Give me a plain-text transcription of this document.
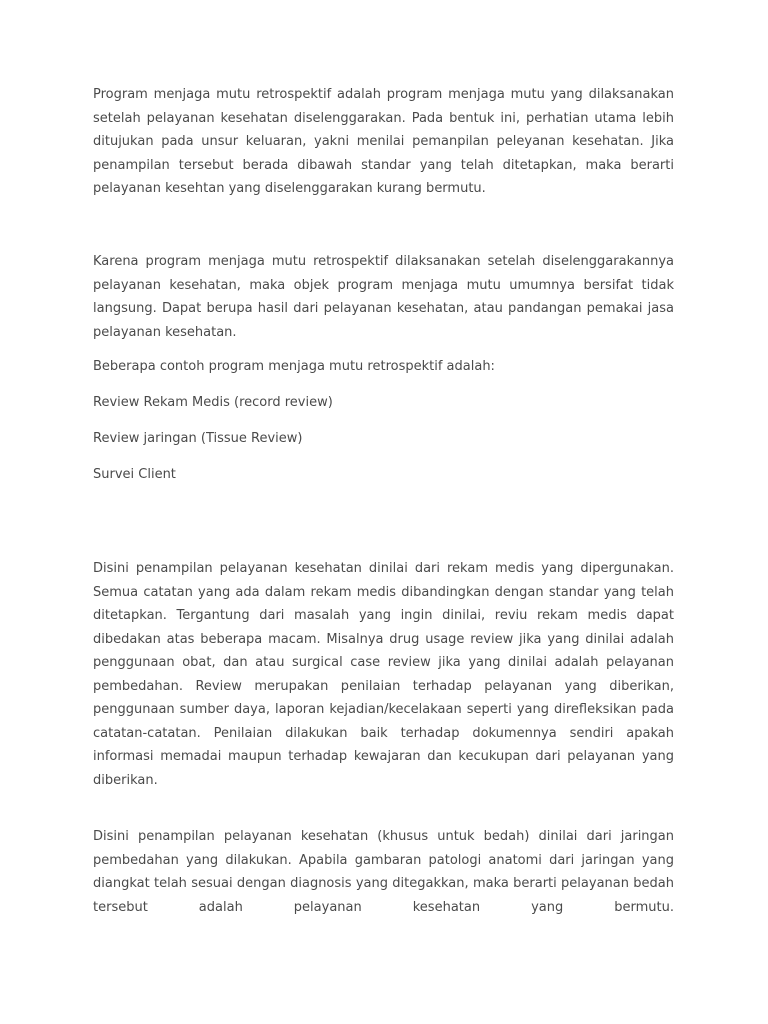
Program menjaga mutu retrospektif adalah program menjaga mutu yang dilaksanakan setelah pelayanan kesehatan diselenggarakan. Pada bentuk ini, perhatian utama lebih ditujukan pada unsur keluaran, yakni menilai pemanpilan peleyanan kesehatan. Jika penampilan tersebut berada dibawah standar yang telah ditetapkan, maka berarti pelayanan kesehtan yang diselenggarakan kurang bermutu.

Karena program menjaga mutu retrospektif dilaksanakan setelah diselenggarakannya pelayanan kesehatan, maka objek program menjaga mutu umumnya bersifat tidak langsung. Dapat berupa hasil dari pelayanan kesehatan, atau pandangan pemakai jasa pelayanan kesehatan.

Beberapa contoh program menjaga mutu retrospektif adalah:

Review Rekam Medis (record review)

Review jaringan (Tissue Review)

Survei Client

Disini penampilan pelayanan kesehatan dinilai dari rekam medis yang dipergunakan. Semua catatan yang ada dalam rekam medis dibandingkan dengan standar yang telah ditetapkan. Tergantung dari masalah yang ingin dinilai, reviu rekam medis dapat dibedakan atas beberapa macam. Misalnya drug usage review jika yang dinilai adalah penggunaan obat, dan atau surgical case review jika yang dinilai adalah pelayanan pembedahan. Review merupakan penilaian terhadap pelayanan yang diberikan, penggunaan sumber daya, laporan kejadian/kecelakaan seperti yang direfleksikan pada catatan-catatan. Penilaian dilakukan baik terhadap dokumennya sendiri apakah informasi memadai maupun terhadap kewajaran dan kecukupan dari pelayanan yang diberikan.

Disini penampilan pelayanan kesehatan (khusus untuk bedah) dinilai dari jaringan pembedahan yang dilakukan. Apabila gambaran patologi anatomi dari jaringan yang diangkat telah sesuai dengan diagnosis yang ditegakkan, maka berarti pelayanan bedah tersebut adalah pelayanan kesehatan yang bermutu.
